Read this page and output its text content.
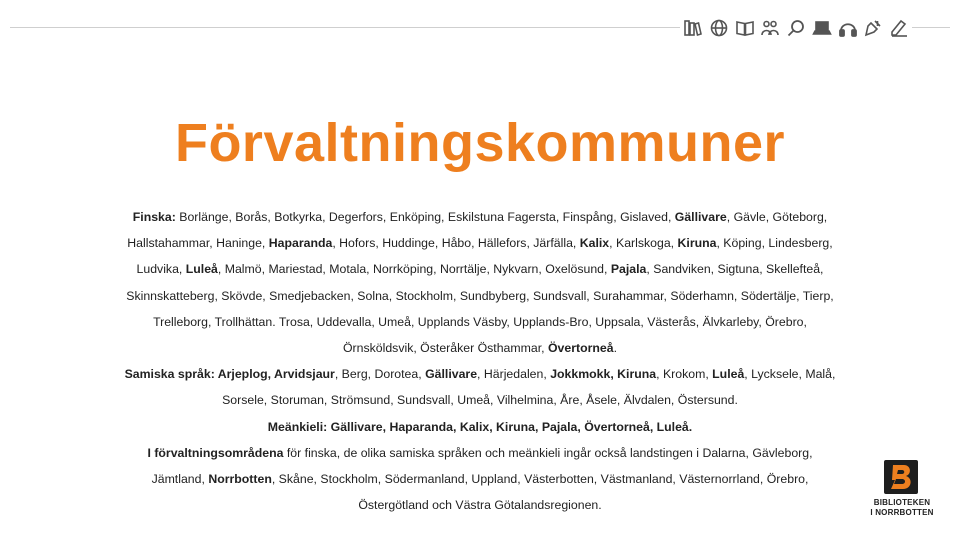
Förvaltningskommuner

Finska: Borlänge, Borås, Botkyrka, Degerfors, Enköping, Eskilstuna Fagersta, Finspång, Gislaved, Gällivare, Gävle, Göteborg, Hallstahammar, Haninge, Haparanda, Hofors, Huddinge, Håbo, Hällefors, Järfälla, Kalix, Karlskoga, Kiruna, Köping, Lindesberg, Ludvika, Luleå, Malmö, Mariestad, Motala, Norrköping, Norrtälje, Nykvarn, Oxelösund, Pajala, Sandviken, Sigtuna, Skellefteå, Skinnskatteberg, Skövde, Smedjebacken, Solna, Stockholm, Sundbyberg, Sundsvall, Surahammar, Söderhamn, Södertälje, Tierp, Trelleborg, Trollhättan. Trosa, Uddevalla, Umeå, Upplands Väsby, Upplands-Bro, Uppsala, Västerås, Älvkarleby, Örebro, Örnsköldsvik, Österåker Östhammar, Övertorneå.

Samiska språk: Arjeplog, Arvidsjaur, Berg, Dorotea, Gällivare, Härjedalen, Jokkmokk, Kiruna, Krokom, Luleå, Lycksele, Malå, Sorsele, Storuman, Strömsund, Sundsvall, Umeå, Vilhelmina, Åre, Åsele, Älvdalen, Östersund.

Meänkieli: Gällivare, Haparanda, Kalix, Kiruna, Pajala, Övertorneå, Luleå.

I förvaltningsområdena för finska, de olika samiska språken och meänkieli ingår också landstingen i Dalarna, Gävleborg, Jämtland, Norrbotten, Skåne, Stockholm, Södermanland, Uppland, Västerbotten, Västmanland, Västernorrland, Örebro, Östergötland och Västra Götalandsregionen.	BIBLIOTEKEN
I NORRBOTTEN
